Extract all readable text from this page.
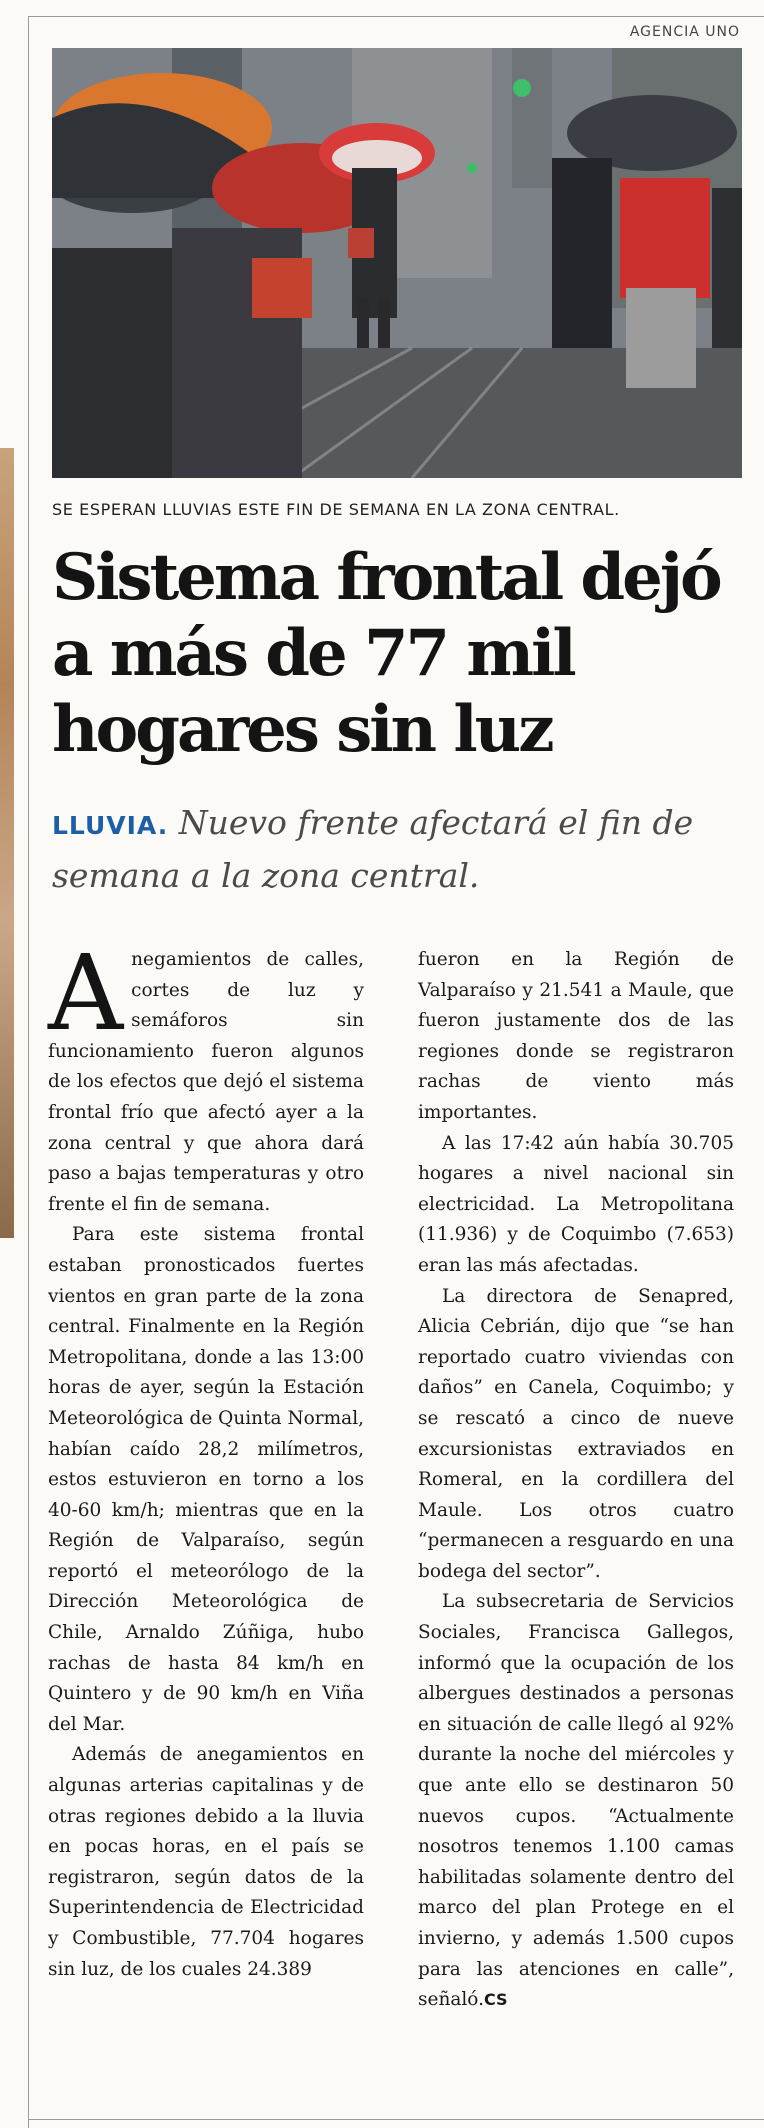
AGENCIA UNO
SE ESPERAN LLUVIAS ESTE FIN DE SEMANA EN LA ZONA CENTRAL.
Sistema frontal dejó a más de 77 mil hogares sin luz
LLUVIA. Nuevo frente afectará el fin de semana a la zona central.

Anegamientos de calles, cortes de luz y semáforos sin funcionamiento fueron algunos de los efectos que dejó el sistema frontal frío que afectó ayer a la zona central y que ahora dará paso a bajas temperaturas y otro frente el fin de semana.

Para este sistema frontal estaban pronosticados fuertes vientos en gran parte de la zona central. Finalmente en la Región Metropolitana, donde a las 13:00 horas de ayer, según la Estación Meteorológica de Quinta Normal, habían caído 28,2 milímetros, estos estuvieron en torno a los 40-60 km/h; mientras que en la Región de Valparaíso, según reportó el meteorólogo de la Dirección Meteorológica de Chile, Arnaldo Zúñiga, hubo rachas de hasta 84 km/h en Quintero y de 90 km/h en Viña del Mar.

Además de anegamientos en algunas arterias capitalinas y de otras regiones debido a la lluvia en pocas horas, en el país se registraron, según datos de la Superintendencia de Electricidad y Combustible, 77.704 hogares sin luz, de los cuales 24.389

fueron en la Región de Valparaíso y 21.541 a Maule, que fueron justamente dos de las regiones donde se registraron rachas de viento más importantes.

A las 17:42 aún había 30.705 hogares a nivel nacional sin electricidad. La Metropolitana (11.936) y de Coquimbo (7.653) eran las más afectadas.

La directora de Senapred, Alicia Cebrián, dijo que “se han reportado cuatro viviendas con daños” en Canela, Coquimbo; y se rescató a cinco de nueve excursionistas extraviados en Romeral, en la cordillera del Maule. Los otros cuatro “permanecen a resguardo en una bodega del sector”.

La subsecretaria de Servicios Sociales, Francisca Gallegos, informó que la ocupación de los albergues destinados a personas en situación de calle llegó al 92% durante la noche del miércoles y que ante ello se destinaron 50 nuevos cupos. “Actualmente nosotros tenemos 1.100 camas habilitadas solamente dentro del marco del plan Protege en el invierno, y además 1.500 cupos para las atenciones en calle”, señaló.CS
